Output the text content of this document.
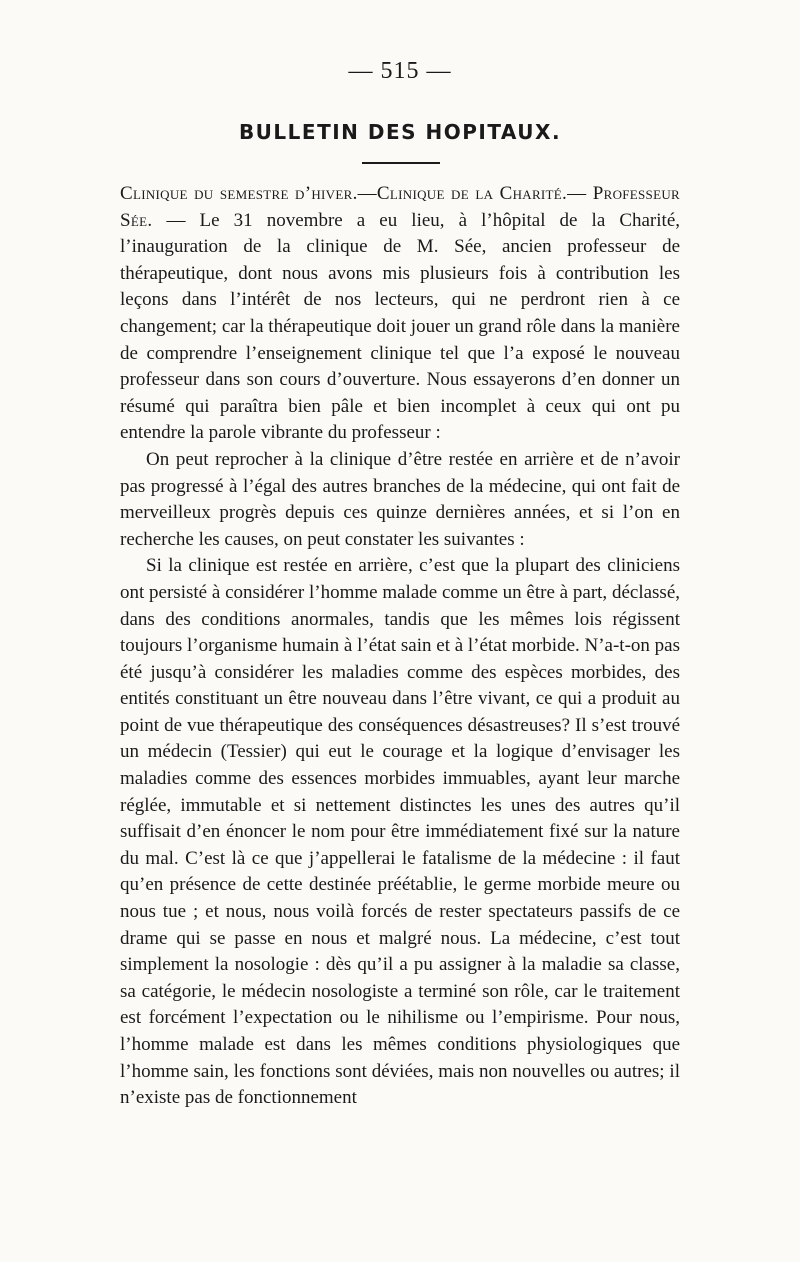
— 515 —
BULLETIN DES HOPITAUX.

Clinique du semestre d’hiver.—Clinique de la Charité.— Professeur Sée. — Le 31 novembre a eu lieu, à l’hôpital de la Charité, l’inauguration de la clinique de M. Sée, ancien professeur de thérapeutique, dont nous avons mis plusieurs fois à contribution les leçons dans l’intérêt de nos lecteurs, qui ne perdront rien à ce changement; car la thérapeutique doit jouer un grand rôle dans la manière de comprendre l’enseignement clinique tel que l’a exposé le nouveau professeur dans son cours d’ouverture. Nous essayerons d’en donner un résumé qui paraîtra bien pâle et bien incomplet à ceux qui ont pu entendre la parole vibrante du professeur :

On peut reprocher à la clinique d’être restée en arrière et de n’avoir pas progressé à l’égal des autres branches de la médecine, qui ont fait de merveilleux progrès depuis ces quinze dernières années, et si l’on en recherche les causes, on peut constater les suivantes :

Si la clinique est restée en arrière, c’est que la plupart des cliniciens ont persisté à considérer l’homme malade comme un être à part, déclassé, dans des conditions anormales, tandis que les mêmes lois régissent toujours l’organisme humain à l’état sain et à l’état morbide. N’a-t-on pas été jusqu’à considérer les maladies comme des espèces morbides, des entités constituant un être nouveau dans l’être vivant, ce qui a produit au point de vue thérapeutique des conséquences désastreuses? Il s’est trouvé un médecin (Tessier) qui eut le courage et la logique d’envisager les maladies comme des essences morbides immuables, ayant leur marche réglée, immutable et si nettement distinctes les unes des autres qu’il suffisait d’en énoncer le nom pour être immédiatement fixé sur la nature du mal. C’est là ce que j’appellerai le fatalisme de la médecine : il faut qu’en présence de cette destinée préétablie, le germe morbide meure ou nous tue ; et nous, nous voilà forcés de rester spectateurs passifs de ce drame qui se passe en nous et malgré nous. La médecine, c’est tout simplement la nosologie : dès qu’il a pu assigner à la maladie sa classe, sa catégorie, le médecin nosologiste a terminé son rôle, car le traitement est forcément l’expectation ou le nihilisme ou l’empirisme. Pour nous, l’homme malade est dans les mêmes conditions physiologiques que l’homme sain, les fonctions sont déviées, mais non nouvelles ou autres; il n’existe pas de fonctionnement
